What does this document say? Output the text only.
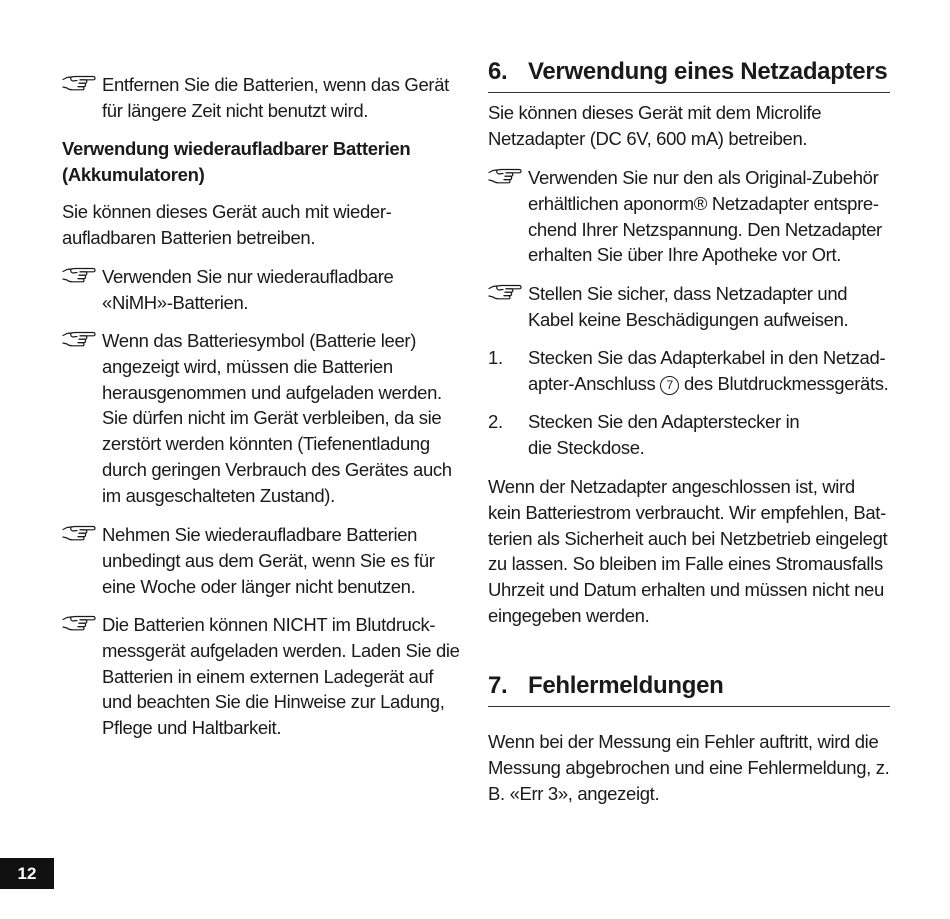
Entfernen Sie die Batterien, wenn das Gerät für längere Zeit nicht benutzt wird.

Verwendung wiederaufladbarer Batterien (Akkumulatoren)

Sie können dieses Gerät auch mit wiederaufladbaren Batterien betreiben.

Verwenden Sie nur wiederaufladbare «NiMH»-Batterien.
Wenn das Batteriesymbol (Batterie leer) angezeigt wird, müssen die Batterien herausgenommen und aufgeladen werden. Sie dürfen nicht im Gerät verbleiben, da sie zerstört werden könnten (Tiefenentladung durch geringen Verbrauch des Gerätes auch im ausgeschalteten Zustand).
Nehmen Sie wiederaufladbare Batterien unbedingt aus dem Gerät, wenn Sie es für eine Woche oder länger nicht benutzen.
Die Batterien können NICHT im Blutdruckmessgerät aufgeladen werden. Laden Sie die Batterien in einem externen Ladegerät auf und beachten Sie die Hinweise zur Ladung, Pflege und Haltbarkeit.
6. Verwendung eines Netzadapters

Sie können dieses Gerät mit dem Microlife Netzadapter (DC 6V, 600 mA) betreiben.

Verwenden Sie nur den als Original-Zubehör erhältlichen aponorm® Netzadapter entsprechend Ihrer Netzspannung. Den Netzadapter erhalten Sie über Ihre Apotheke vor Ort.
Stellen Sie sicher, dass Netzadapter und Kabel keine Beschädigungen aufweisen.
1.	Stecken Sie das Adapterkabel in den Netzadapter-Anschluss 7 des Blutdruckmessgeräts.
2.	Stecken Sie den Adapterstecker in die Steckdose.

Wenn der Netzadapter angeschlossen ist, wird kein Batteriestrom verbraucht. Wir empfehlen, Batterien als Sicherheit auch bei Netzbetrieb eingelegt zu lassen. So bleiben im Falle eines Stromausfalls Uhrzeit und Datum erhalten und müssen nicht neu eingegeben werden.

7. Fehlermeldungen

Wenn bei der Messung ein Fehler auftritt, wird die Messung abgebrochen und eine Fehlermeldung, z. B. «Err 3», angezeigt.

12
